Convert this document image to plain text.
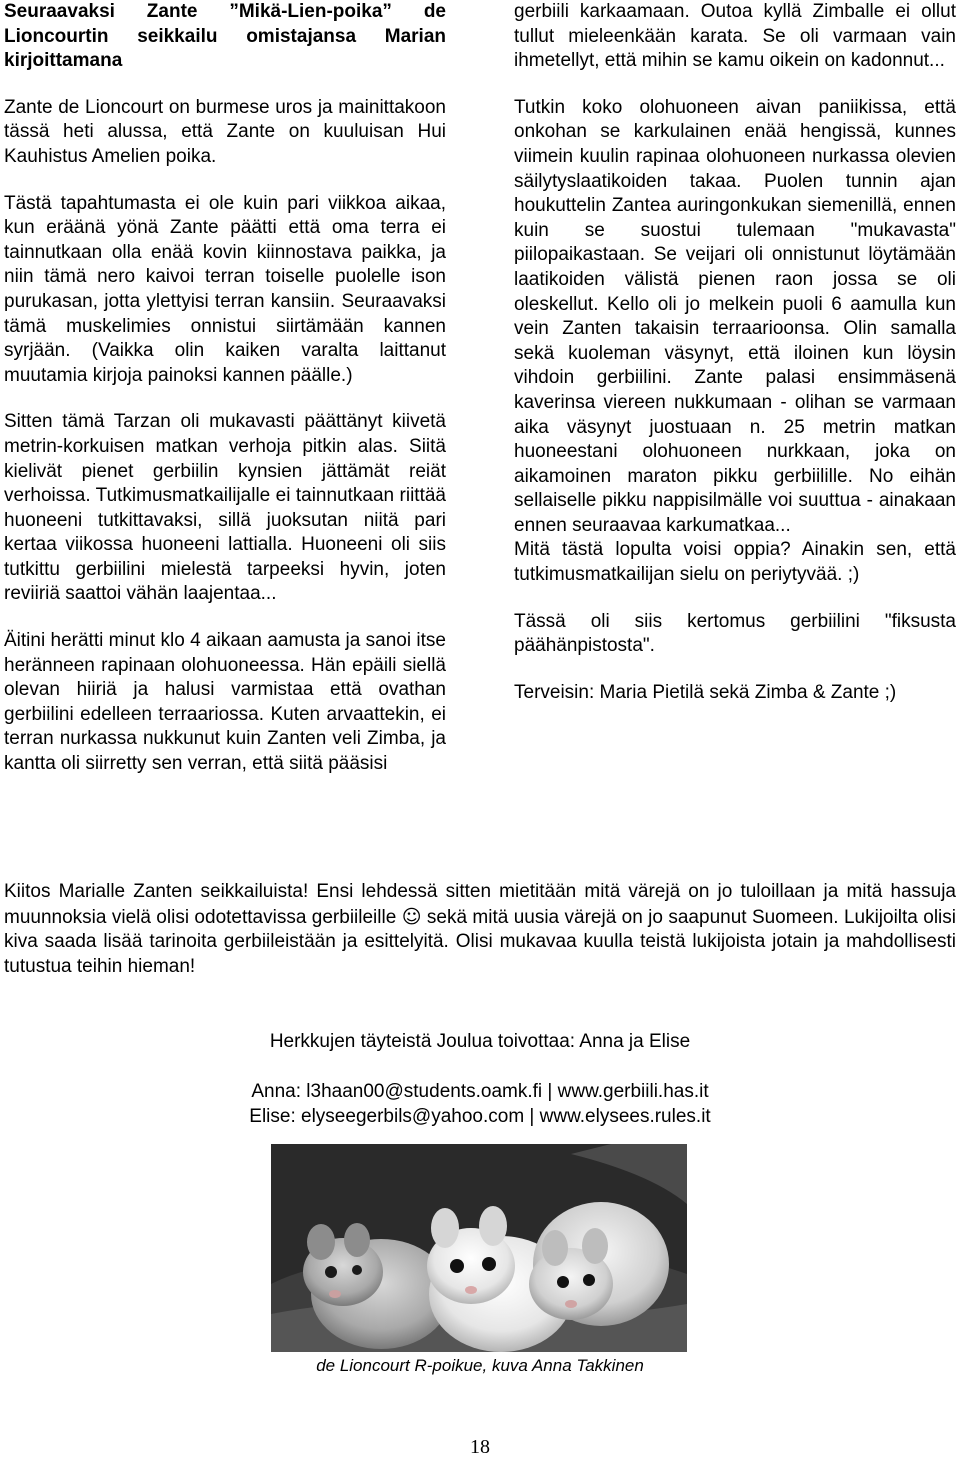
Seuraavaksi Zante ”Mikä-Lien-poika” de Lioncourtin seikkailu omistajansa Marian kirjoittamana

Zante de Lioncourt on burmese uros ja mainittakoon tässä heti alussa, että Zante on kuuluisan Hui Kauhistus Amelien poika.

Tästä tapahtumasta ei ole kuin pari viikkoa aikaa, kun eräänä yönä Zante päätti että oma terra ei tainnutkaan olla enää kovin kiinnostava paikka, ja niin tämä nero kaivoi terran toiselle puolelle ison purukasan, jotta ylettyisi terran kansiin. Seuraavaksi tämä muskelimies onnistui siirtämään kannen syrjään. (Vaikka olin kaiken varalta laittanut muutamia kirjoja painoksi kannen päälle.)

Sitten tämä Tarzan oli mukavasti päättänyt kiivetä metrin-korkuisen matkan verhoja pitkin alas. Siitä kielivät pienet gerbiilin kynsien jättämät reiät verhoissa. Tutkimusmatkailijalle ei tainnutkaan riittää huoneeni tutkittavaksi, sillä juoksutan niitä pari kertaa viikossa huoneeni lattialla. Huoneeni oli siis tutkittu gerbiilini mielestä tarpeeksi hyvin, joten reviiriä saattoi vähän laajentaa...

Äitini herätti minut klo 4 aikaan aamusta ja sanoi itse heränneen rapinaan olohuoneessa. Hän epäili siellä olevan hiiriä ja halusi varmistaa että ovathan gerbiilini edelleen terraariossa. Kuten arvaattekin, ei terran nurkassa nukkunut kuin Zanten veli Zimba, ja kantta oli siirretty sen verran, että siitä pääsisi

gerbiili karkaamaan. Outoa kyllä Zimballe ei ollut tullut mieleenkään karata. Se oli varmaan vain ihmetellyt, että mihin se kamu oikein on kadonnut...

Tutkin koko olohuoneen aivan paniikissa, että onkohan se karkulainen enää hengissä, kunnes viimein kuulin rapinaa olohuoneen nurkassa olevien säilytyslaatikoiden takaa. Puolen tunnin ajan houkuttelin Zantea auringonkukan siemenillä, ennen kuin se suostui tulemaan "mukavasta" piilopaikastaan. Se veijari oli onnistunut löytämään laatikoiden välistä pienen raon jossa se oli oleskellut. Kello oli jo melkein puoli 6 aamulla kun vein Zanten takaisin terraarioonsa. Olin samalla sekä kuoleman väsynyt, että iloinen kun löysin vihdoin gerbiilini. Zante palasi ensimmäsenä kaverinsa viereen nukkumaan - olihan se varmaan aika väsynyt juostuaan n. 25 metrin matkan huoneestani olohuoneen nurkkaan, joka on aikamoinen maraton pikku gerbiilille. No eihän sellaiselle pikku nappisilmälle voi suuttua - ainakaan ennen seuraavaa karkumatkaa...

Mitä tästä lopulta voisi oppia? Ainakin sen, että tutkimusmatkailijan sielu on periytyvää. ;)

Tässä oli siis kertomus gerbiilini "fiksusta päähänpistosta".

Terveisin: Maria Pietilä sekä Zimba & Zante ;)

Kiitos Marialle Zanten seikkailuista! Ensi lehdessä sitten mietitään mitä värejä on jo tuloillaan ja mitä hassuja muunnoksia vielä olisi odotettavissa gerbiileille ☺ sekä mitä uusia värejä on jo saapunut Suomeen. Lukijoilta olisi kiva saada lisää tarinoita gerbiileistään ja esittelyitä. Olisi mukavaa kuulla teistä lukijoista jotain ja mahdollisesti tutustua teihin hieman!

Herkkujen täyteistä Joulua toivottaa: Anna ja Elise
Anna: l3haan00@students.oamk.fi | www.gerbiili.has.it
Elise: elyseegerbils@yahoo.com | www.elysees.rules.it
de Lioncourt R-poikue, kuva Anna Takkinen
18
